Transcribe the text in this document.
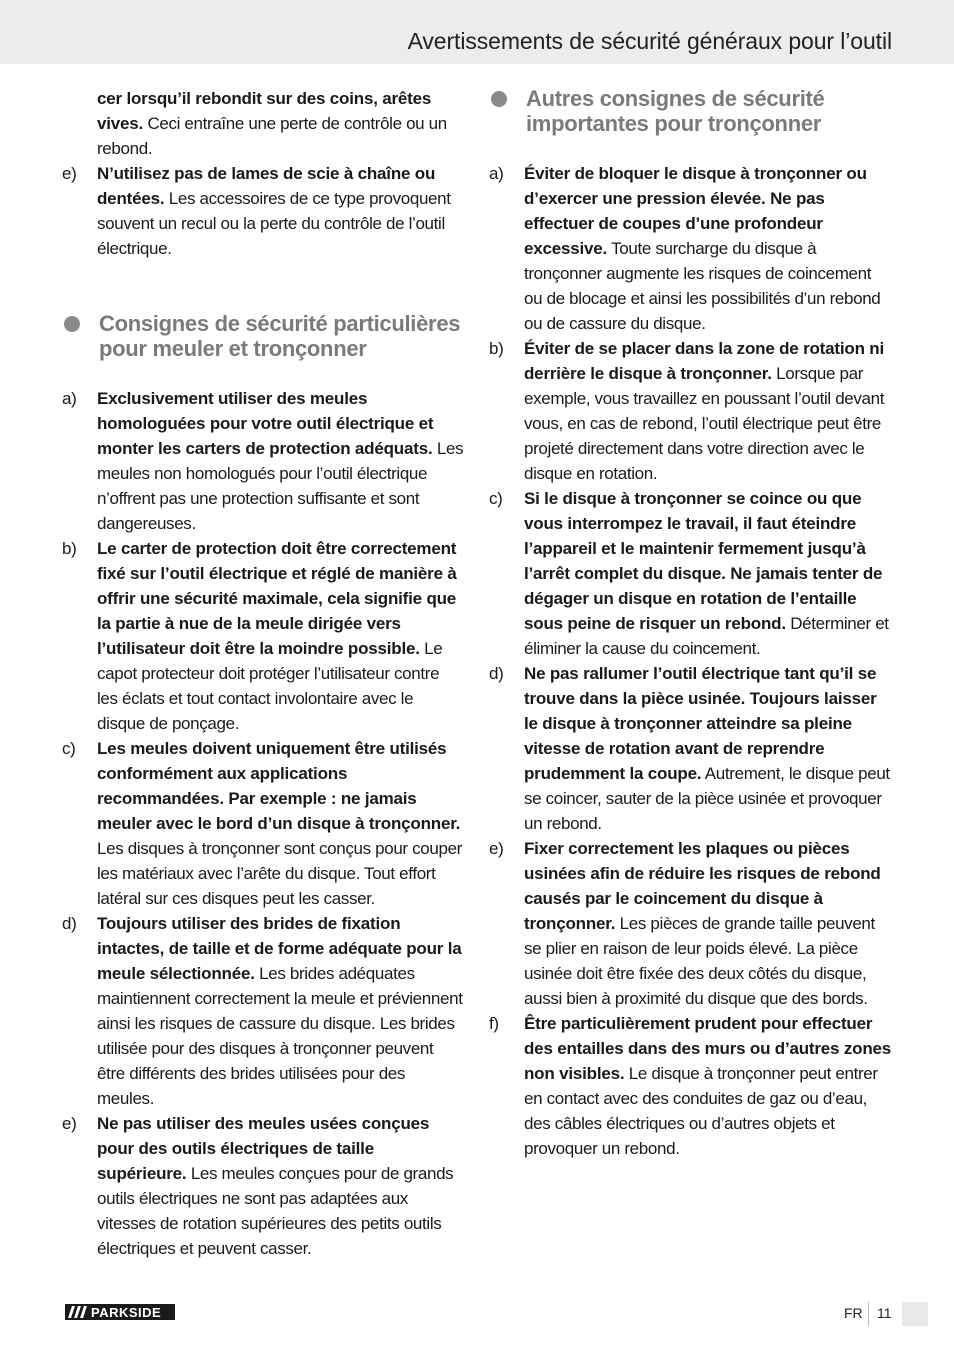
Avertissements de sécurité généraux pour l’outil

cer lorsqu’il rebondit sur des coins, arêtes vives. Ceci entraîne une perte de contrôle ou un rebond.

e)	N’utilisez pas de lames de scie à chaîne ou dentées. Les accessoires de ce type provoquent souvent un recul ou la perte du contrôle de l’outil électrique.
Consignes de sécurité particulières pour meuler et tronçonner
a)	Exclusivement utiliser des meules homologuées pour votre outil électrique et monter les carters de protection adéquats. Les meules non homologués pour l’outil électrique n’offrent pas une protection suffisante et sont dangereuses.
b)	Le carter de protection doit être correctement fixé sur l’outil électrique et réglé de manière à offrir une sécurité maximale, cela signifie que la partie à nue de la meule dirigée vers l’utilisateur doit être la moindre possible. Le capot protecteur doit protéger l’utilisateur contre les éclats et tout contact involontaire avec le disque de ponçage.
c)	Les meules doivent uniquement être utilisés conformément aux applications recommandées. Par exemple : ne jamais meuler avec le bord d’un disque à tronçonner. Les disques à tronçonner sont conçus pour couper les matériaux avec l’arête du disque. Tout effort latéral sur ces disques peut les casser.
d)	Toujours utiliser des brides de fixation intactes, de taille et de forme adéquate pour la meule sélectionnée. Les brides adéquates maintiennent correctement la meule et préviennent ainsi les risques de cassure du disque. Les brides utilisée pour des disques à tronçonner peuvent être différents des brides utilisées pour des meules.
e)	Ne pas utiliser des meules usées conçues pour des outils électriques de taille supérieure. Les meules conçues pour de grands outils électriques ne sont pas adaptées aux vitesses de rotation supérieures des petits outils électriques et peuvent casser.
Autres consignes de sécurité importantes pour tronçonner
a)	Éviter de bloquer le disque à tronçonner ou d’exercer une pression élevée. Ne pas effectuer de coupes d’une profondeur excessive. Toute surcharge du disque à tronçonner augmente les risques de coincement ou de blocage et ainsi les possibilités d’un rebond ou de cassure du disque.
b)	Éviter de se placer dans la zone de rotation ni derrière le disque à tronçonner. Lorsque par exemple, vous travaillez en poussant l’outil devant vous, en cas de rebond, l’outil électrique peut être projeté directement dans votre direction avec le disque en rotation.
c)	Si le disque à tronçonner se coince ou que vous interrompez le travail, il faut éteindre l’appareil et le maintenir fermement jusqu’à l’arrêt complet du disque. Ne jamais tenter de dégager un disque en rotation de l’entaille sous peine de risquer un rebond. Déterminer et éliminer la cause du coincement.
d)	Ne pas rallumer l’outil électrique tant qu’il se trouve dans la pièce usinée. Toujours laisser le disque à tronçonner atteindre sa pleine vitesse de rotation avant de reprendre prudemment la coupe. Autrement, le disque peut se coincer, sauter de la pièce usinée et provoquer un rebond.
e)	Fixer correctement les plaques ou pièces usinées afin de réduire les risques de rebond causés par le coincement du disque à tronçonner. Les pièces de grande taille peuvent se plier en raison de leur poids élevé. La pièce usinée doit être fixée des deux côtés du disque, aussi bien à proximité du disque que des bords.
f)	Être particulièrement prudent pour effectuer des entailles dans des murs ou d’autres zones non visibles. Le disque à tronçonner peut entrer en contact avec des conduites de gaz ou d’eau, des câbles électriques ou d’autres objets et provoquer un rebond.
PARKSIDE	FR 11
